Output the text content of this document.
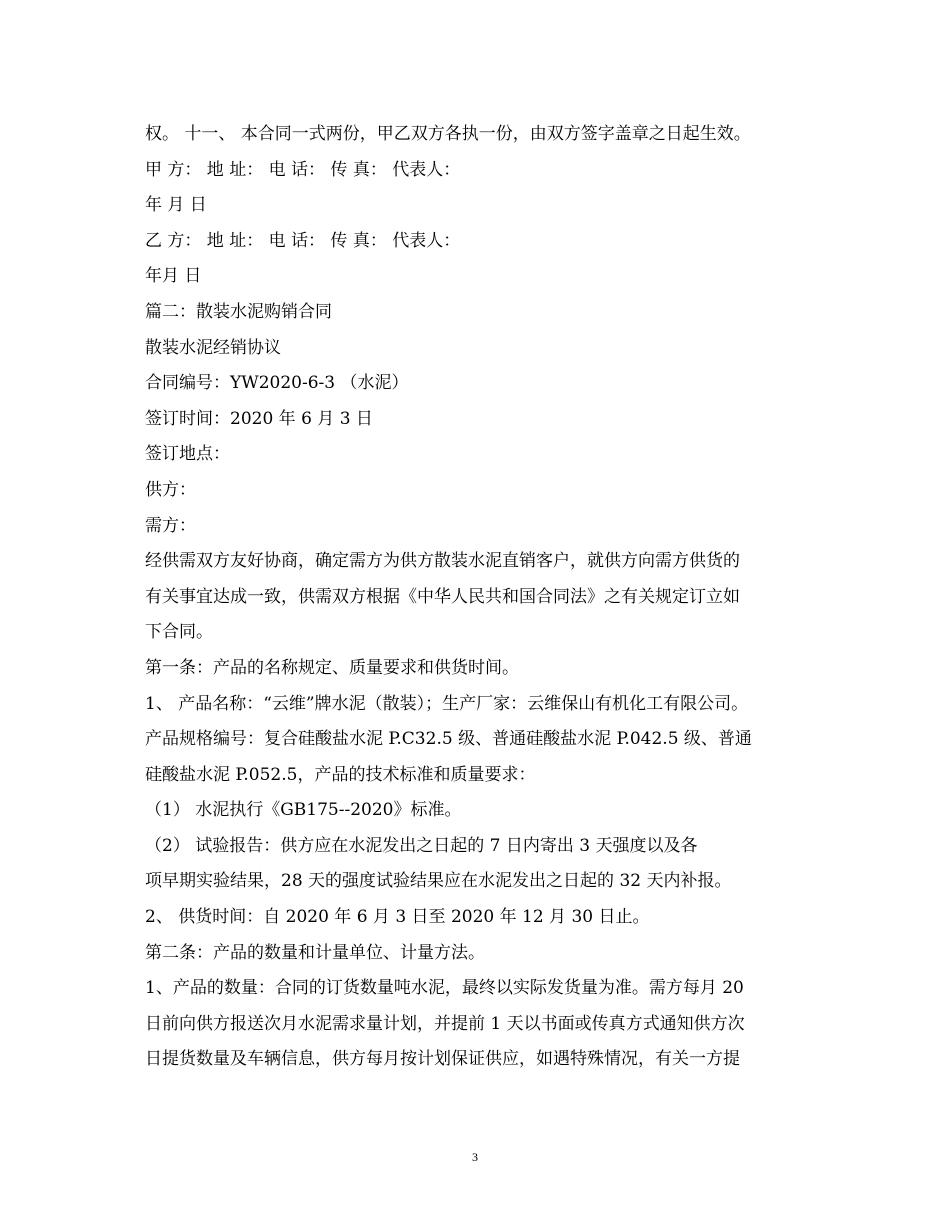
权。 十一、 本合同一式两份，甲乙双方各执一份，由双方签字盖章之日起生效。
甲 方： 地 址： 电 话： 传 真： 代表人：
年 月 日
乙 方： 地 址： 电 话： 传 真： 代表人：
年月 日
篇二：散装水泥购销合同
散装水泥经销协议
合同编号：YW2020-6-3 （水泥）
签订时间：2020 年 6 月 3 日
签订地点：
供方：
需方：
经供需双方友好协商，确定需方为供方散装水泥直销客户，就供方向需方供货的
有关事宜达成一致，供需双方根据《中华人民共和国合同法》之有关规定订立如
下合同。
第一条：产品的名称规定、质量要求和供货时间。
1、 产品名称：“云维”牌水泥（散装）；生产厂家：云维保山有机化工有限公司。
产品规格编号：复合硅酸盐水泥 P.C32.5 级、普通硅酸盐水泥 P.042.5 级、普通
硅酸盐水泥 P.052.5，产品的技术标准和质量要求：
（1） 水泥执行《GB175--2020》标准。
（2） 试验报告：供方应在水泥发出之日起的 7 日内寄出 3 天强度以及各
项早期实验结果，28 天的强度试验结果应在水泥发出之日起的 32 天内补报。
2、 供货时间：自 2020 年 6 月 3 日至 2020 年 12 月 30 日止。
第二条：产品的数量和计量单位、计量方法。
1、产品的数量：合同的订货数量吨水泥，最终以实际发货量为准。需方每月 20
日前向供方报送次月水泥需求量计划，并提前 1 天以书面或传真方式通知供方次
日提货数量及车辆信息，供方每月按计划保证供应，如遇特殊情况，有关一方提
3
